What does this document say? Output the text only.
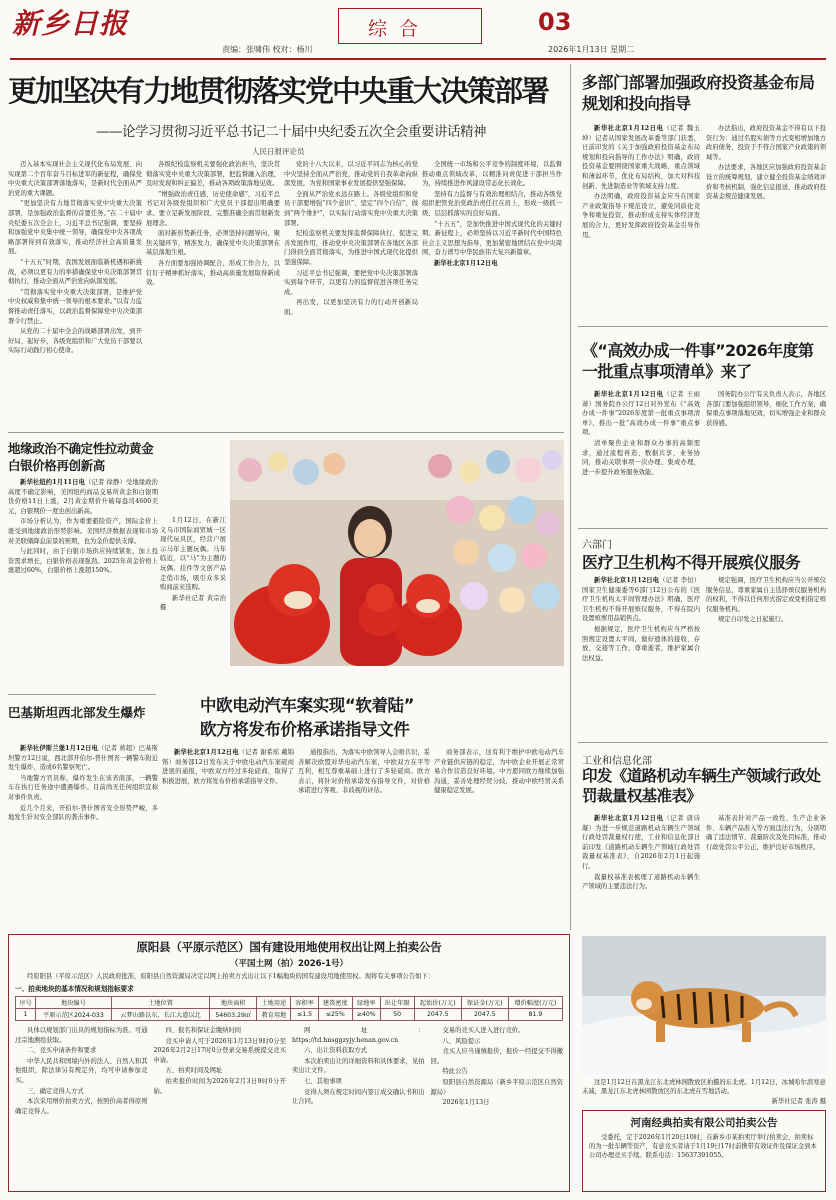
新乡日报
责编：张啸伟 校对：杨川
综合	03
2026年1月13日 星期二
更加坚决有力地贯彻落实党中央重大决策部署
——论学习贯彻习近平总书记二十届中央纪委五次全会重要讲话精神
人民日报评论员

迈入基本实现社会主义现代化布局发展、向实现第二个百年奋斗目标进军的新征程，确保党中央重大决策部署落地落实，是新时代全面从严治党的重大课题。

“更加坚决有力地贯彻落实党中央重大决策部署，是加强政治监督的首要任务。”在二十届中央纪委五次全会上，习近平总书记强调，要坚持和加强党中央集中统一领导，确保党中央各项战略部署得到有效落实，推动经济社会高质量发展。

“十五五”时期，我国发展面临新机遇和新挑战，必须以更有力的举措确保党中央决策部署贯彻执行，推动全面从严治党向纵深发展。

“贯彻落实党中央重大决策部署，是维护党中央权威和集中统一领导的根本要求。”以有力监督推动责任落实，以政治监督保障党中央决策部署令行禁止。

从党的二十届中全会的战略部署出发，到开好局、起好步，各级党组织和广大党员干部要以实际行动践行初心使命。

各级纪检监察机关要强化政治担当，坚决贯彻落实党中央重大决策部署，把监督融入治理，及时发现和纠正偏差，推动各项政策落地见效。

“增强政治责任感、历史使命感”，习近平总书记对各级党组织和广大党员干部提出明确要求。要立足新发展阶段，完整准确全面贯彻新发展理念。

面对新形势新任务，必须坚持问题导向，聚焦关键环节，精准发力，确保党中央决策部署在基层落地生根。

各方面要加强协调配合，形成工作合力，以钉钉子精神抓好落实，推动高质量发展取得新成效。

党的十八大以来，以习近平同志为核心的党中央坚持全面从严治党，推动党的自我革命向纵深发展，为党和国家事业发展提供坚强保障。

全面从严治党永远在路上。各级党组织和党员干部要增强“四个意识”、坚定“四个自信”、做到“两个维护”，以实际行动落实党中央重大决策部署。

纪检监察机关要发挥监督保障执行、促进完善发展作用，推动党中央决策部署在各地区各部门得到全面贯彻落实，为推进中国式现代化提供坚强保障。

习近平总书记强调，要把党中央决策部署落实到每个环节，以更有力的监督促进各项任务完成。

再出发，以更加坚决有力的行动开创新局面。

全国统一市场和公平竞争的制度环境，以监督推动重点领域改革，以精准问责促进干部担当作为，持续推进作风建设常态化长效化。

坚持有力监督与有效治理相结合，推动各级党组织把管党治党政治责任扛在肩上，形成一级抓一级、层层抓落实的良好局面。

“十五五”，是加快推进中国式现代化的关键时期。新征程上，必须坚持以习近平新时代中国特色社会主义思想为指导，更加紧密地团结在党中央周围，奋力谱写中华民族伟大复兴新篇章。

新华社北京1月12日电

多部门部署加强政府投资基金布局规划和投向指导

新华社北京1月12日电（记者 魏玉坤）记者从国家发展改革委等部门获悉，日前印发的《关于加强政府投资基金布局规划和投向指导的工作办法》明确，政府投资基金要围绕国家重大战略、重点领域和薄弱环节，优化布局结构，加大对科技创新、先进制造业等领域支持力度。

办法明确，政府投资基金应当在国家产业政策指导下规范设立，避免同质化竞争和重复投资，推动形成支持实体经济发展的合力，更好发挥政府投资基金引导作用。

办法指出，政府投资基金不得有以下投资行为：通过名股实债等方式变相增加地方政府债务，投资于不符合国家产业政策的领域等。

办法要求，各地区应加强政府投资基金设立的统筹规划，建立健全投资基金绩效评价和考核机制，强化信息报送，推动政府投资基金规范健康发展。

《“高效办成一件事”2026年度第一批重点事项清单》来了

新华社北京1月12日电（记者 王雨萧）国务院办公厅12日对外发布《“高效办成一件事”2026年度第一批重点事项清单》，推出一批“高效办成一件事”重点事项。

清单聚焦企业和群众办事的高频需求，通过流程再造、数据共享、业务协同，推动关联事项一次办理、集成办理，进一步提升政务服务效能。

国务院办公厅有关负责人表示，各地区各部门要加强组织领导，细化工作方案，确保重点事项落地见效，切实增强企业和群众获得感。

六部门
医疗卫生机构不得开展殡仪服务

新华社北京1月12日电（记者 李恒）国家卫生健康委等6部门12日公布的《医疗卫生机构太平间管理办法》明确，医疗卫生机构不得开展殡仪服务，不得在院内设置殡葬用品销售点。

根据规定，医疗卫生机构应当严格按照规定设置太平间，做好遗体的接收、存放、交接等工作，尊重逝者，维护家属合法权益。

规定强调，医疗卫生机构应当公开殡仪服务信息，尊重家属自主选择殡仪服务机构的权利，不得以任何形式指定或变相指定殡仪服务机构。

规定自印发之日起施行。

工业和信息化部
印发《道路机动车辆生产领域行政处罚裁量权基准表》

新华社北京1月12日电（记者 唐诗凝）为进一步规范道路机动车辆生产领域行政处罚裁量权行使，工业和信息化部日前印发《道路机动车辆生产领域行政处罚裁量权基准表》，自2026年2月1日起施行。

裁量权基准表梳理了道路机动车辆生产领域的主要违法行为。

基准表针对产品一致性、生产企业条件、车辆产品准入等方面违法行为，分别明确了违法情节、裁量阶次及处罚标准，推动行政处罚公平公正，维护良好市场秩序。

地缘政治不确定性拉动黄金白银价格再创新高

新华社纽约1月11日电（记者 徐静）受地缘政治高度不确定影响，美国纽约商品交易所黄金和白银期货价格11日上涨，2月黄金期价升破每盎司4600美元，白银期价一度也创出新高。

市场分析认为，作为重要避险资产，国际金价上涨受到地缘政治形势影响。美国经济数据表现和市场对美联储降息前景的预期，也为金价提供支撑。

与此同时，由于白银市场供应持续紧张，加上投资需求增长，白银价格表现强劲。2025年黄金价格上涨超过60%，白银价格上涨超150%。

1月12日，在新江义乌市国际商贸城一区现代玩具区，经营户展示马年主题玩偶。马年临近，以“马”为主题的玩偶、挂件等文创产品走俏市场，吸引众多采购商前来选购。

新华社记者 黄宗治 摄

巴基斯坦西北部发生爆炸

新华社伊斯兰堡1月12日电（记者 蒋超）巴基斯坦警方12日说，西北部开伯尔-普什图省一辆警车附近发生爆炸，造成6名警察死亡。

当地警方官员称，爆炸发生在该省南部，一辆警车在执行任务途中遭遇爆炸。目前尚无任何组织宣称对事件负责。

近几个月来，开伯尔-普什图省安全形势严峻，多地发生针对安全部队的袭击事件。

中欧电动汽车案实现“软着陆”
欧方将发布价格承诺指导文件

新华社北京1月12日电（记者 谢希瑶 戴锦镕）商务部12日发布关于中欧电动汽车案磋商进展的通报，中欧双方经过多轮磋商，取得了积极进展，欧方将发布价格承诺指导文件。

通报指出，为落实中欧领导人会晤共识，妥善解决欧盟对华电动汽车案，中欧双方在平等互利、相互尊重基础上进行了多轮磋商。欧方表示，将针对价格承诺发布指导文件，对价格承诺进行客观、非歧视的评估。

商务部表示，这有利于维护中欧电动汽车产业链供应链的稳定，为中欧企业开展正常贸易合作营造良好环境。中方愿同欧方继续加强沟通，妥善处理经贸分歧，推动中欧经贸关系健康稳定发展。

原阳县（平原示范区）国有建设用地使用权出让网上拍卖公告
（平国土网（拍）2026-1号）
经原阳县（平原示范区）人民政府批准，原阳县自然资源局决定以网上拍卖方式出让以下1幅地块的国有建设用地使用权。现将有关事项公告如下：
一、拍卖地块的基本情况和规划指标要求
序号	地块编号	土地位置	地块面积	土地用途	容积率	建筑密度	绿地率	出让年限	起始价(万元)	保证金(万元)	增价幅度(万元)
1	平原示范区2024-033	云梦山路以东，长江大道以北	54603.29㎡	教育用地	≤1.5	≤25%	≥40%	50	2047.5	2047.5	81.9

具体以规划部门出具的规划指标为准。可通过宗地测绘获取。

二、竞买申请条件和要求

中华人民共和国境内外的法人、自然人和其他组织，除法律另有规定外，均可申请参加竞买。

三、确定竞得人方式

本次采用增价拍卖方式，按照价高者得原则确定竞得人。

四、报名和保证金缴纳时间

竞买申请人可于2026年1月13日9时0分至2026年2月2日17时0分登录交易系统提交竞买申请。

五、拍卖时间及网址

拍卖报价时间为2026年2月3日9时0分开始。

网址：https://td.hnsggzyjy.henan.gov.cn

六、出让资料获取方式

本次拍卖出让的详细资料和具体要求，见拍卖出让文件。

七、其他事项

竞得人须在规定时间内签订成交确认书和出让合同。

交易的竞买人进入进行竞价。

八、风险提示

竞买人应当谨慎报价，报价一经提交不得撤回。

特此公告

原阳县自然资源局（新乡平原示范区自然资源局）

2026年1月13日

这是1月12日在黑龙江东北虎林园散放区拍摄的东北虎。1月12日，冰城哈尔滨寒意未减，黑龙江东北虎林园散放区的东北虎在雪地活动。

新华社记者 张涛 摄

河南经典拍卖有限公司拍卖公告
受委托，定于2026年1月20日10时，在新乡市某拍卖厅举行拍卖会，拍卖标的为一批车辆等资产，有意竞买者请于1月19日17时前携带有效证件及保证金到本公司办理竞买手续。联系电话：15637391055。
